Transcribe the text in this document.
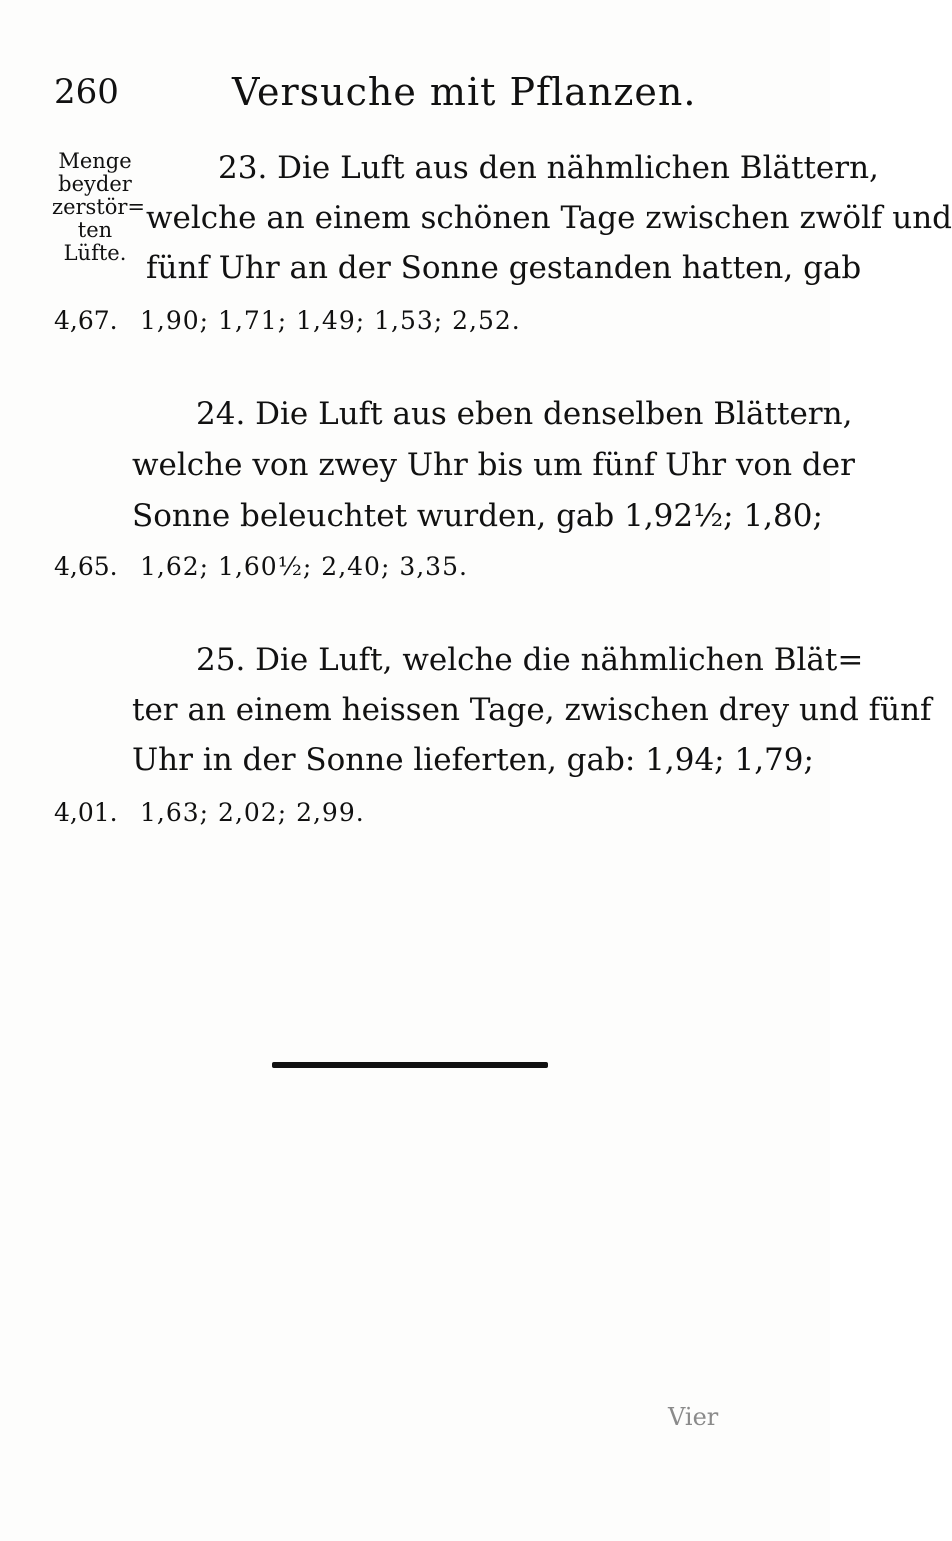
260	Versuche mit Pflanzen.
Menge
beyder
zerstör=
ten
Lüfte.
23. Die Luft aus den nähmlichen Blättern,
welche an einem schönen Tage zwischen zwölf und
fünf Uhr an der Sonne gestanden hatten, gab
4,67. 1,90; 1,71; 1,49; 1,53; 2,52.
24. Die Luft aus eben denselben Blättern,
welche von zwey Uhr bis um fünf Uhr von der
Sonne beleuchtet wurden, gab 1,92½; 1,80;
4,65. 1,62; 1,60½; 2,40; 3,35.
25. Die Luft, welche die nähmlichen Blät=
ter an einem heissen Tage, zwischen drey und fünf
Uhr in der Sonne lieferten, gab: 1,94; 1,79;
4,01. 1,63; 2,02; 2,99.
Vier
